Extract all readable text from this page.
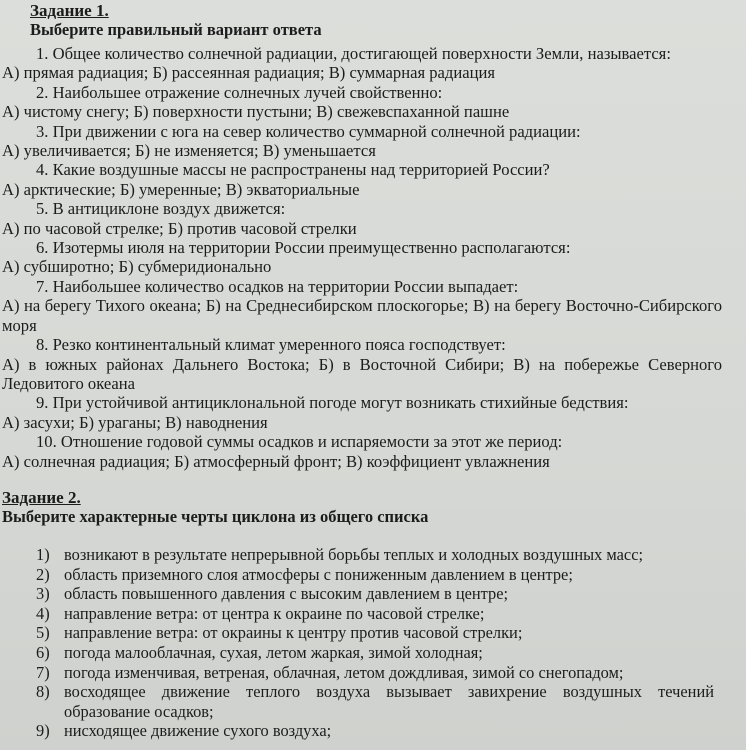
Задание 1.
Выберите правильный вариант ответа
1. Общее количество солнечной радиации, достигающей поверхности Земли, называется:
А) прямая радиация; Б) рассеянная радиация; В) суммарная радиация
2. Наибольшее отражение солнечных лучей свойственно:
А) чистому снегу; Б) поверхности пустыни; В) свежевспаханной пашне
3. При движении с юга на север количество суммарной солнечной радиации:
А) увеличивается; Б) не изменяется; В) уменьшается
4. Какие воздушные массы не распространены над территорией России?
А) арктические; Б) умеренные; В) экваториальные
5. В антициклоне воздух движется:
А) по часовой стрелке; Б) против часовой стрелки
6. Изотермы июля на территории России преимущественно располагаются:
А) субширотно; Б) субмеридионально
7. Наибольшее количество осадков на территории России выпадает:
А) на берегу Тихого океана; Б) на Среднесибирском плоскогорье; В) на берегу Восточно-Сибирского моря
8. Резко континентальный климат умеренного пояса господствует:
А) в южных районах Дальнего Востока; Б) в Восточной Сибири; В) на побережье Северного Ледовитого океана
9. При устойчивой антициклональной погоде могут возникать стихийные бедствия:
А) засухи; Б) ураганы; В) наводнения
10. Отношение годовой суммы осадков и испаряемости за этот же период:
А) солнечная радиация; Б) атмосферный фронт; В) коэффициент увлажнения
Задание 2.
Выберите характерные черты циклона из общего списка
1) возникают в результате непрерывной борьбы теплых и холодных воздушных масс;
2) область приземного слоя атмосферы с пониженным давлением в центре;
3) область повышенного давления с высоким давлением в центре;
4) направление ветра: от центра к окраине по часовой стрелке;
5) направление ветра: от окраины к центру против часовой стрелки;
6) погода малооблачная, сухая, летом жаркая, зимой холодная;
7) погода изменчивая, ветреная, облачная, летом дождливая, зимой со снегопадом;
8) восходящее движение теплого воздуха вызывает завихрение воздушных течений образование осадков;
9) нисходящее движение сухого воздуха;
